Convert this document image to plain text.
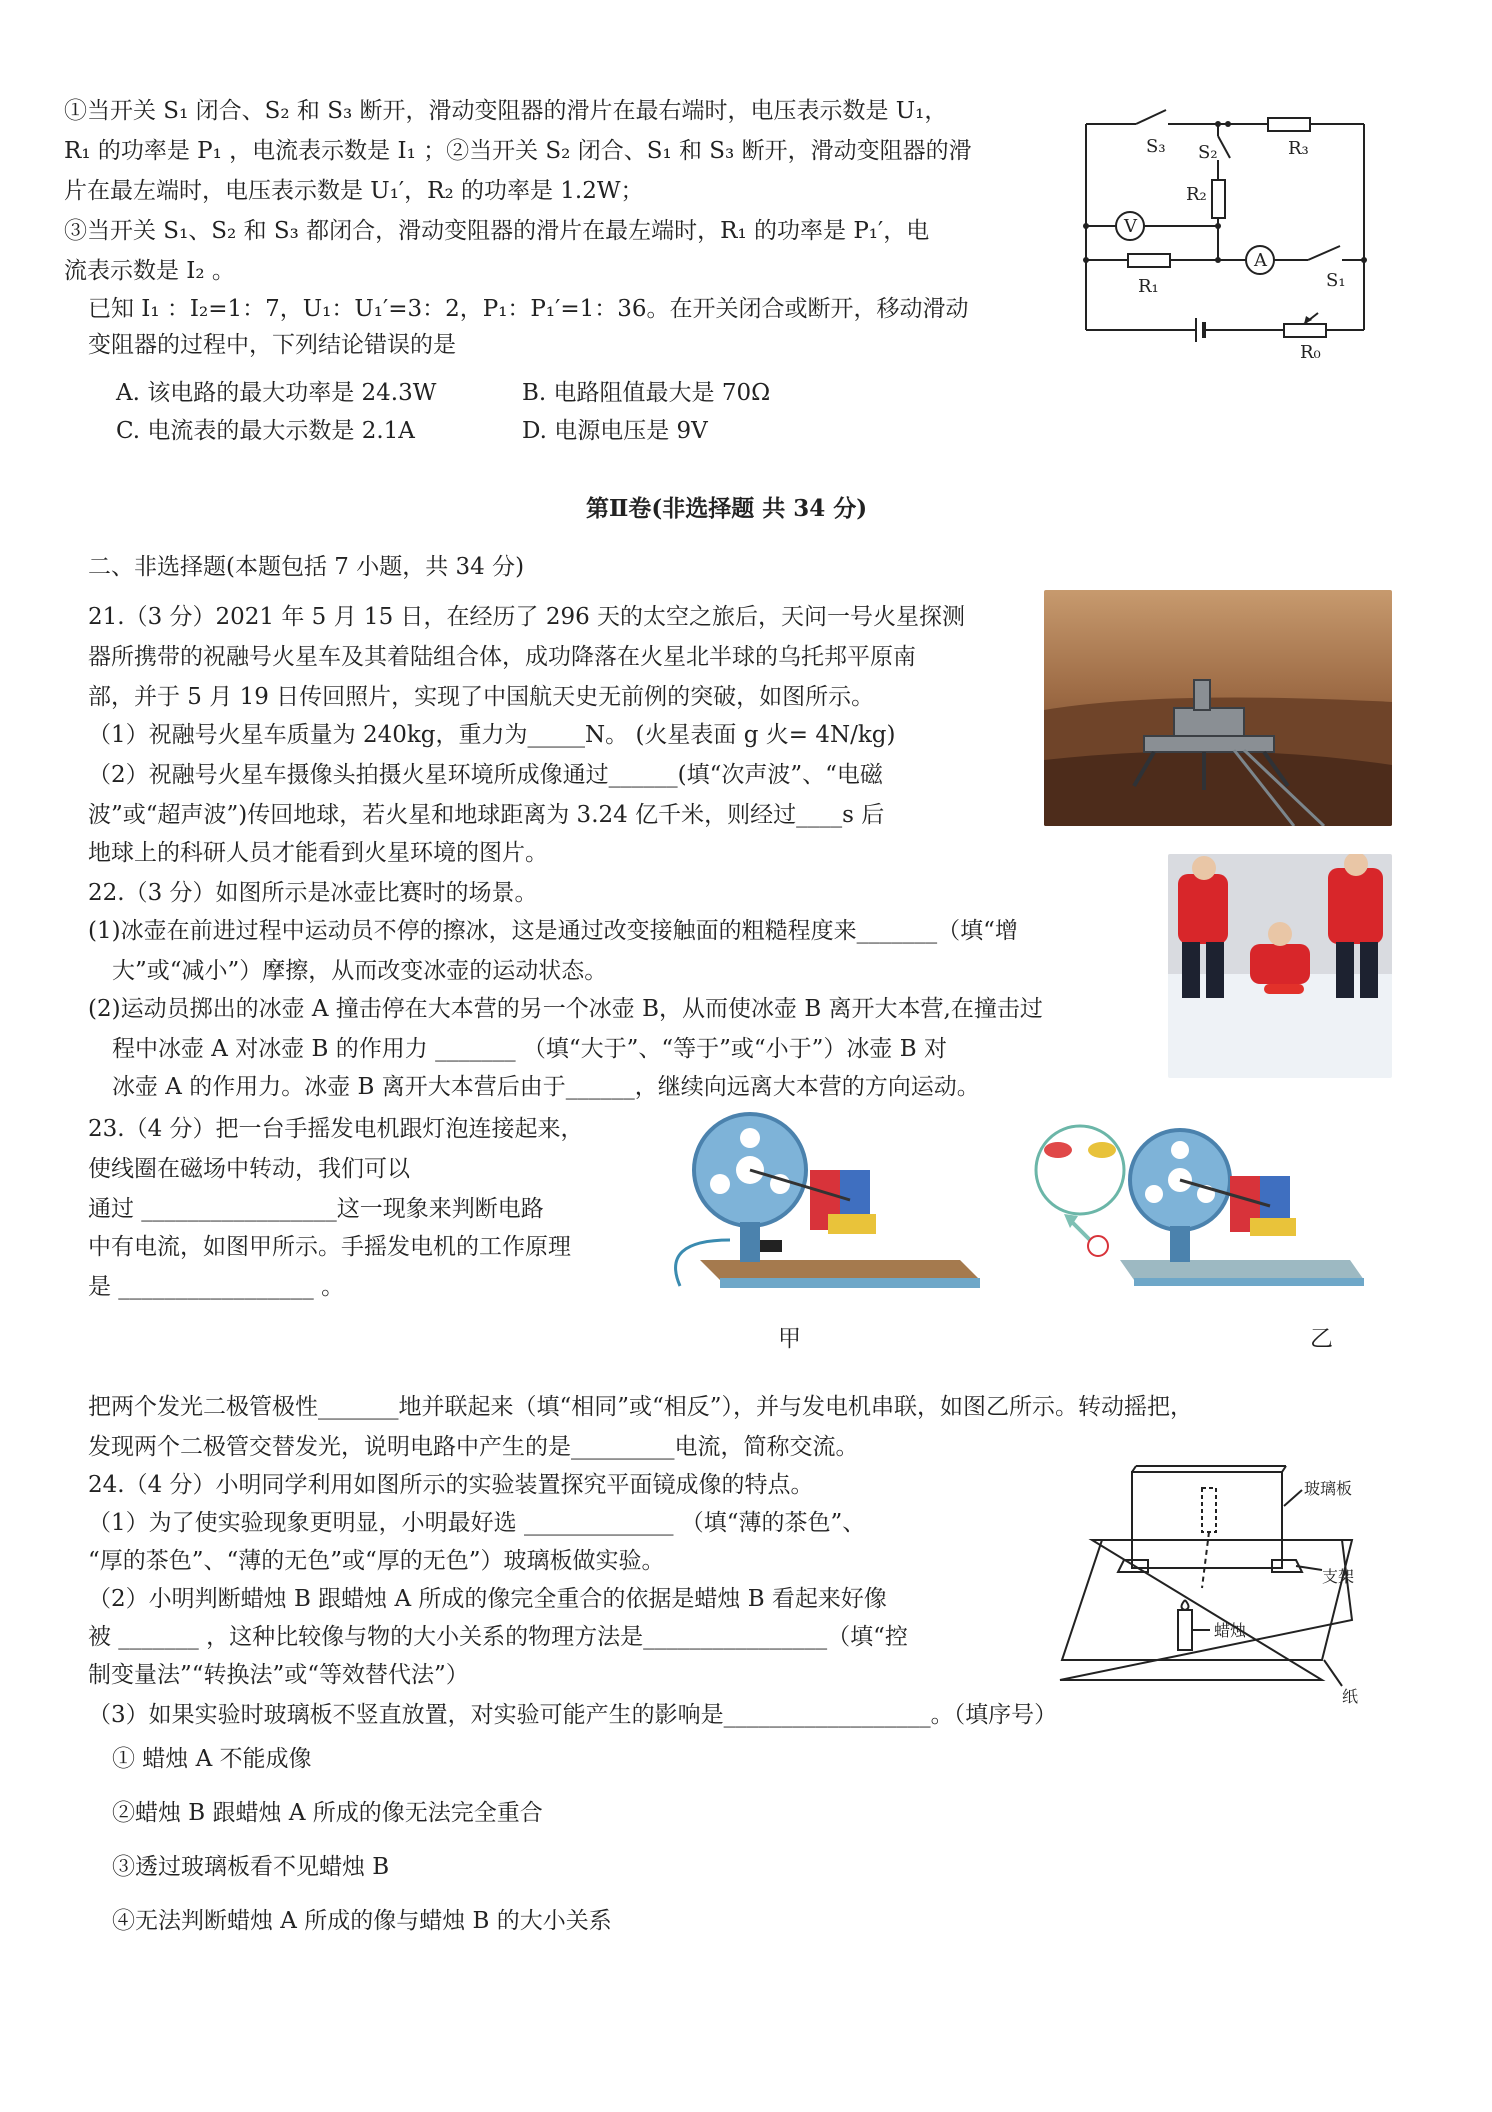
①当开关 S₁ 闭合、S₂ 和 S₃ 断开，滑动变阻器的滑片在最右端时，电压表示数是 U₁，
R₁ 的功率是 P₁ ，电流表示数是 I₁ ；②当开关 S₂ 闭合、S₁ 和 S₃ 断开，滑动变阻器的滑
片在最左端时，电压表示数是 U₁′，R₂ 的功率是 1.2W；
③当开关 S₁、S₂ 和 S₃ 都闭合，滑动变阻器的滑片在最左端时，R₁ 的功率是 P₁′，电
流表示数是 I₂ 。
已知 I₁ ：I₂=1：7，U₁：U₁′=3：2，P₁：P₁′=1：36。在开关闭合或断开，移动滑动
变阻器的过程中，下列结论错误的是
A. 该电路的最大功率是 24.3W	B. 电路阻值最大是 70Ω
C. 电流表的最大示数是 2.1A	D. 电源电压是 9V
S₃ S₂	R₃
R₂
V
A
R₁	S₁
R₀
第Ⅱ卷(非选择题 共 34 分)
二、非选择题(本题包括 7 小题，共 34 分)
21.（3 分）2021 年 5 月 15 日，在经历了 296 天的太空之旅后，天问一号火星探测
器所携带的祝融号火星车及其着陆组合体，成功降落在火星北半球的乌托邦平原南
部，并于 5 月 19 日传回照片，实现了中国航天史无前例的突破，如图所示。
（1）祝融号火星车质量为 240kg，重力为_____N。 (火星表面 g 火= 4N/kg)
（2）祝融号火星车摄像头拍摄火星环境所成像通过______(填“次声波”、“电磁
波”或“超声波”)传回地球，若火星和地球距离为 3.24 亿千米，则经过____s 后
地球上的科研人员才能看到火星环境的图片。
22.（3 分）如图所示是冰壶比赛时的场景。
(1)冰壶在前进过程中运动员不停的擦冰，这是通过改变接触面的粗糙程度来_______（填“增
大”或“减小”）摩擦，从而改变冰壶的运动状态。
(2)运动员掷出的冰壶 A 撞击停在大本营的另一个冰壶 B，从而使冰壶 B 离开大本营,在撞击过
程中冰壶 A 对冰壶 B 的作用力 _______ （填“大于”、“等于”或“小于”）冰壶 B 对
冰壶 A 的作用力。冰壶 B 离开大本营后由于______，继续向远离大本营的方向运动。
23.（4 分）把一台手摇发电机跟灯泡连接起来，
使线圈在磁场中转动，我们可以
通过 _________________这一现象来判断电路
中有电流，如图甲所示。手摇发电机的工作原理
是 _________________ 。
甲	乙
把两个发光二极管极性_______地并联起来（填“相同”或“相反”），并与发电机串联，如图乙所示。转动摇把，
发现两个二极管交替发光，说明电路中产生的是_________电流，简称交流。
24.（4 分）小明同学利用如图所示的实验装置探究平面镜成像的特点。
（1）为了使实验现象更明显，小明最好选 _____________ （填“薄的茶色”、
“厚的茶色”、“薄的无色”或“厚的无色”）玻璃板做实验。
（2）小明判断蜡烛 B 跟蜡烛 A 所成的像完全重合的依据是蜡烛 B 看起来好像
被 _______ ，这种比较像与物的大小关系的物理方法是________________（填“控
制变量法”“转换法”或“等效替代法”）
（3）如果实验时玻璃板不竖直放置，对实验可能产生的影响是__________________。（填序号）
① 蜡烛 A 不能成像
②蜡烛 B 跟蜡烛 A 所成的像无法完全重合
③透过玻璃板看不见蜡烛 B
④无法判断蜡烛 A 所成的像与蜡烛 B 的大小关系
玻璃板
蜡烛
支架
纸
